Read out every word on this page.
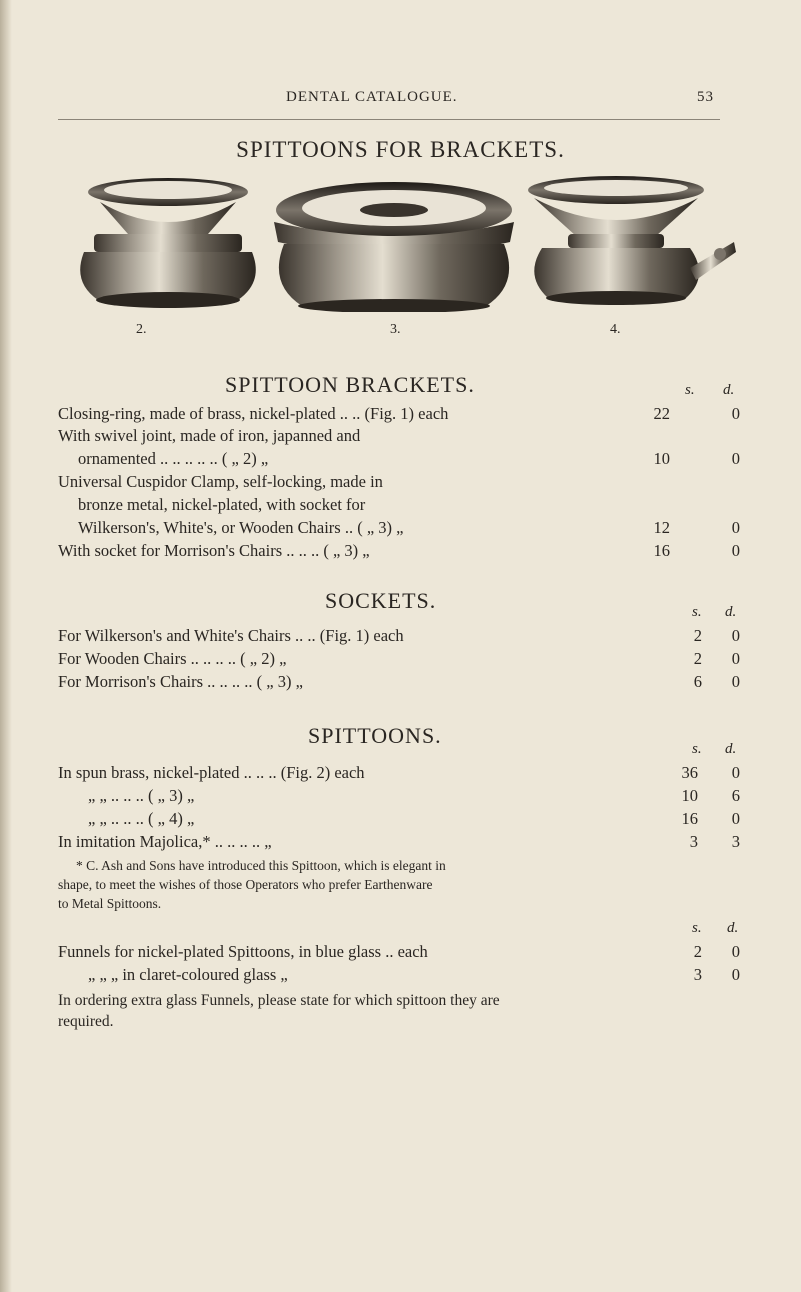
DENTAL CATALOGUE.	53
SPITTOONS FOR BRACKETS.
2.	3.	4.
SPITTOON BRACKETS.	s. d.
Closing-ring, made of brass, nickel-plated .. .. (Fig. 1) each	22	0
With swivel joint, made of iron, japanned and
ornamented .. .. .. .. .. ( „ 2) „	10	0
Universal Cuspidor Clamp, self-locking, made in
bronze metal, nickel-plated, with socket for
Wilkerson's, White's, or Wooden Chairs .. ( „ 3) „	12	0
With socket for Morrison's Chairs .. .. .. ( „ 3) „	16	0
SOCKETS.	s. d.
For Wilkerson's and White's Chairs .. .. (Fig. 1) each	2	0
For Wooden Chairs .. .. .. .. ( „ 2) „	2	0
For Morrison's Chairs .. .. .. .. ( „ 3) „	6	0
SPITTOONS.
s. d.
In spun brass, nickel-plated .. .. .. (Fig. 2) each	36	0
„ „ .. .. .. ( „ 3) „	10	6
„ „ .. .. .. ( „ 4) „	16	0
In imitation Majolica,* .. .. .. .. „	3	3
* C. Ash and Sons have introduced this Spittoon, which is elegant in
shape, to meet the wishes of those Operators who prefer Earthenware
to Metal Spittoons.
s. d.
Funnels for nickel-plated Spittoons, in blue glass .. each	2	0
„ „ „ in claret-coloured glass „	3	0
In ordering extra glass Funnels, please state for which spittoon they are
required.
